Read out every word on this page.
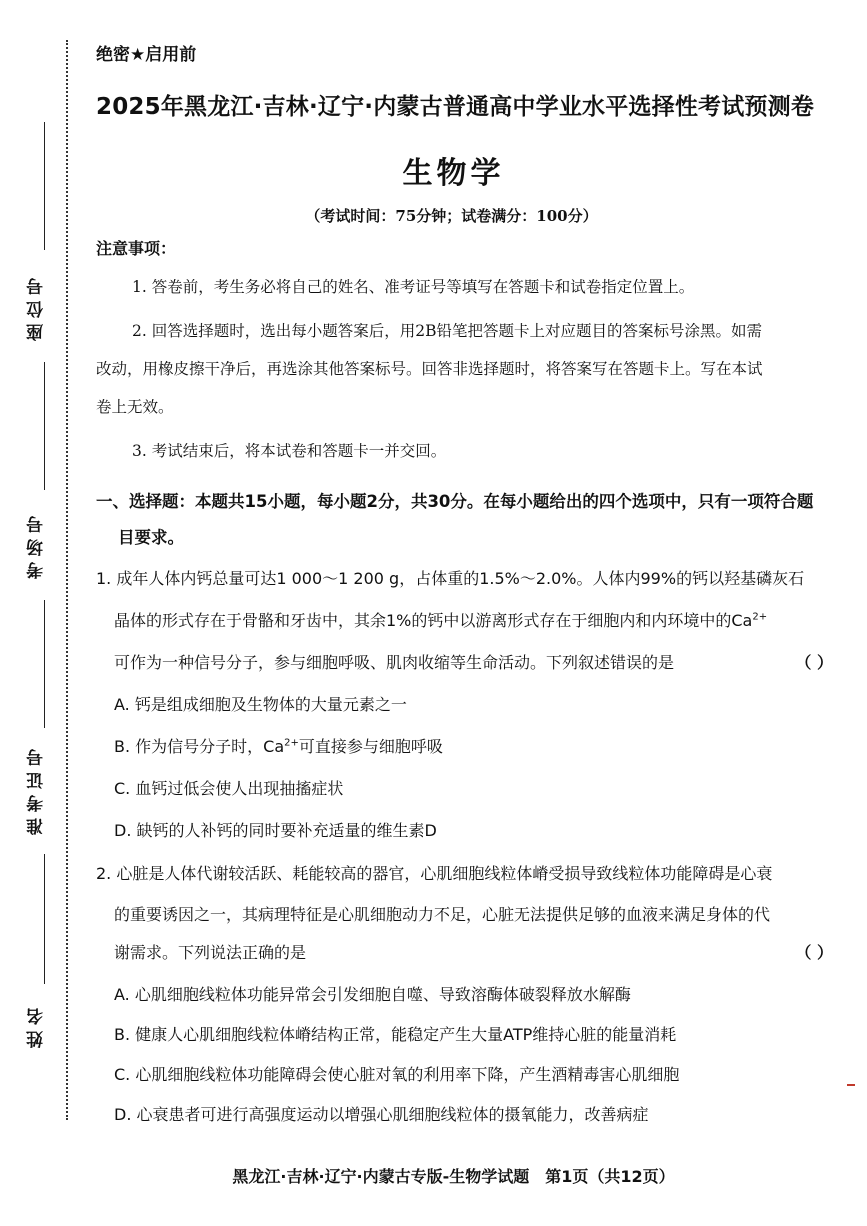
座位号
考场号
准考证号
姓名
绝密★启用前
2025年黑龙江·吉林·辽宁·内蒙古普通高中学业水平选择性考试预测卷
生物学
（考试时间：75分钟；试卷满分：100分）
注意事项：
1. 答卷前，考生务必将自己的姓名、准考证号等填写在答题卡和试卷指定位置上。
2. 回答选择题时，选出每小题答案后，用2B铅笔把答题卡上对应题目的答案标号涂黑。如需
改动，用橡皮擦干净后，再选涂其他答案标号。回答非选择题时，将答案写在答题卡上。写在本试
卷上无效。
3. 考试结束后，将本试卷和答题卡一并交回。
一、选择题：本题共15小题，每小题2分，共30分。在每小题给出的四个选项中，只有一项符合题
目要求。
1. 成年人体内钙总量可达1 000～1 200 g，占体重的1.5%～2.0%。人体内99%的钙以羟基磷灰石
晶体的形式存在于骨骼和牙齿中，其余1%的钙中以游离形式存在于细胞内和内环境中的$Ca^{2+}$
可作为一种信号分子，参与细胞呼吸、肌肉收缩等生命活动。下列叙述错误的是	（ ）
A. 钙是组成细胞及生物体的大量元素之一
B. 作为信号分子时，$Ca^{2+}$可直接参与细胞呼吸
C. 血钙过低会使人出现抽搐症状
D. 缺钙的人补钙的同时要补充适量的维生素D
2. 心脏是人体代谢较活跃、耗能较高的器官，心肌细胞线粒体嵴受损导致线粒体功能障碍是心衰
的重要诱因之一，其病理特征是心肌细胞动力不足，心脏无法提供足够的血液来满足身体的代
谢需求。下列说法正确的是	（ ）
A. 心肌细胞线粒体功能异常会引发细胞自噬、导致溶酶体破裂释放水解酶
B. 健康人心肌细胞线粒体嵴结构正常，能稳定产生大量ATP维持心脏的能量消耗
C. 心肌细胞线粒体功能障碍会使心脏对氧的利用率下降，产生酒精毒害心肌细胞
D. 心衰患者可进行高强度运动以增强心肌细胞线粒体的摄氧能力，改善病症
黑龙江·吉林·辽宁·内蒙古专版-生物学试题　第1页（共12页）
